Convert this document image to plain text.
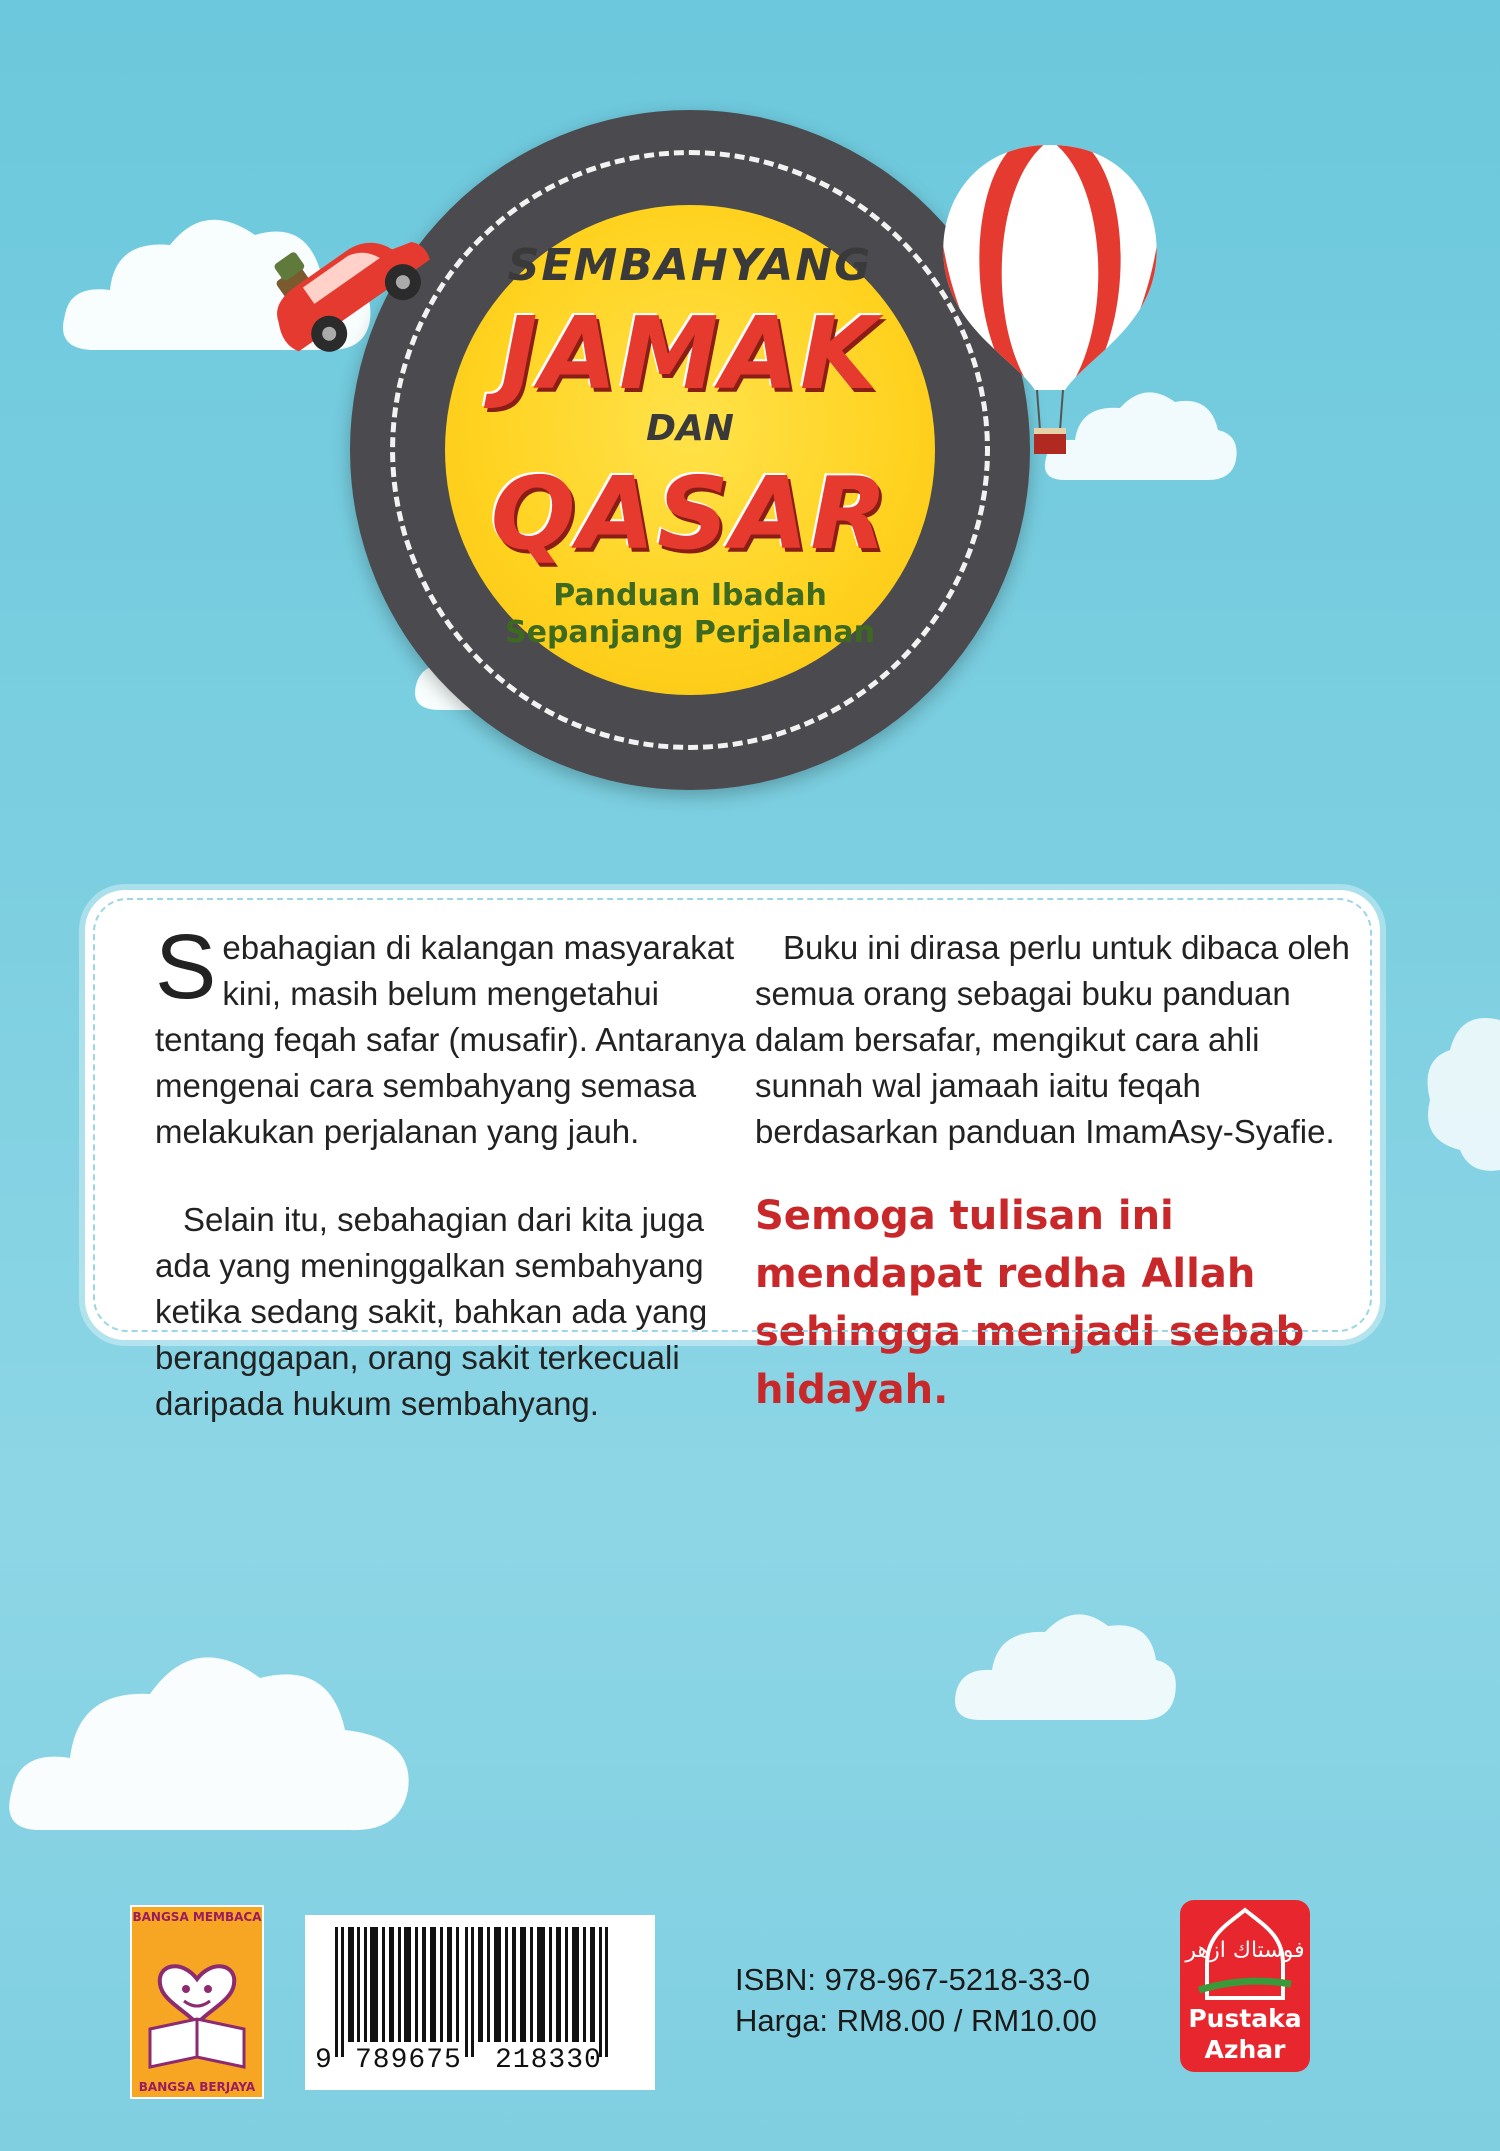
SEMBAHYANG
JAMAK
DAN
QASAR
Panduan Ibadah
Sepanjang Perjalanan

Sebahagian di kalangan masyarakat kini, masih belum mengetahui tentang feqah safar (musafir). Antaranya mengenai cara sembahyang semasa melakukan perjalanan yang jauh.

Selain itu, sebahagian dari kita juga ada yang meninggalkan sembahyang ketika sedang sakit, bahkan ada yang beranggapan, orang sakit terkecuali daripada hukum sembahyang.

Buku ini dirasa perlu untuk dibaca oleh semua orang sebagai buku panduan dalam bersafar, mengikut cara ahli sunnah wal jamaah iaitu feqah berdasarkan panduan ImamAsy-Syafie.

Semoga tulisan ini mendapat redha Allah sehingga menjadi sebab hidayah.

BANGSA MEMBACA
BANGSA BERJAYA
9 789675 218330
ISBN: 978-967-5218-33-0
Harga: RM8.00 / RM10.00
فوستاك ازهر
Pustaka
Azhar
